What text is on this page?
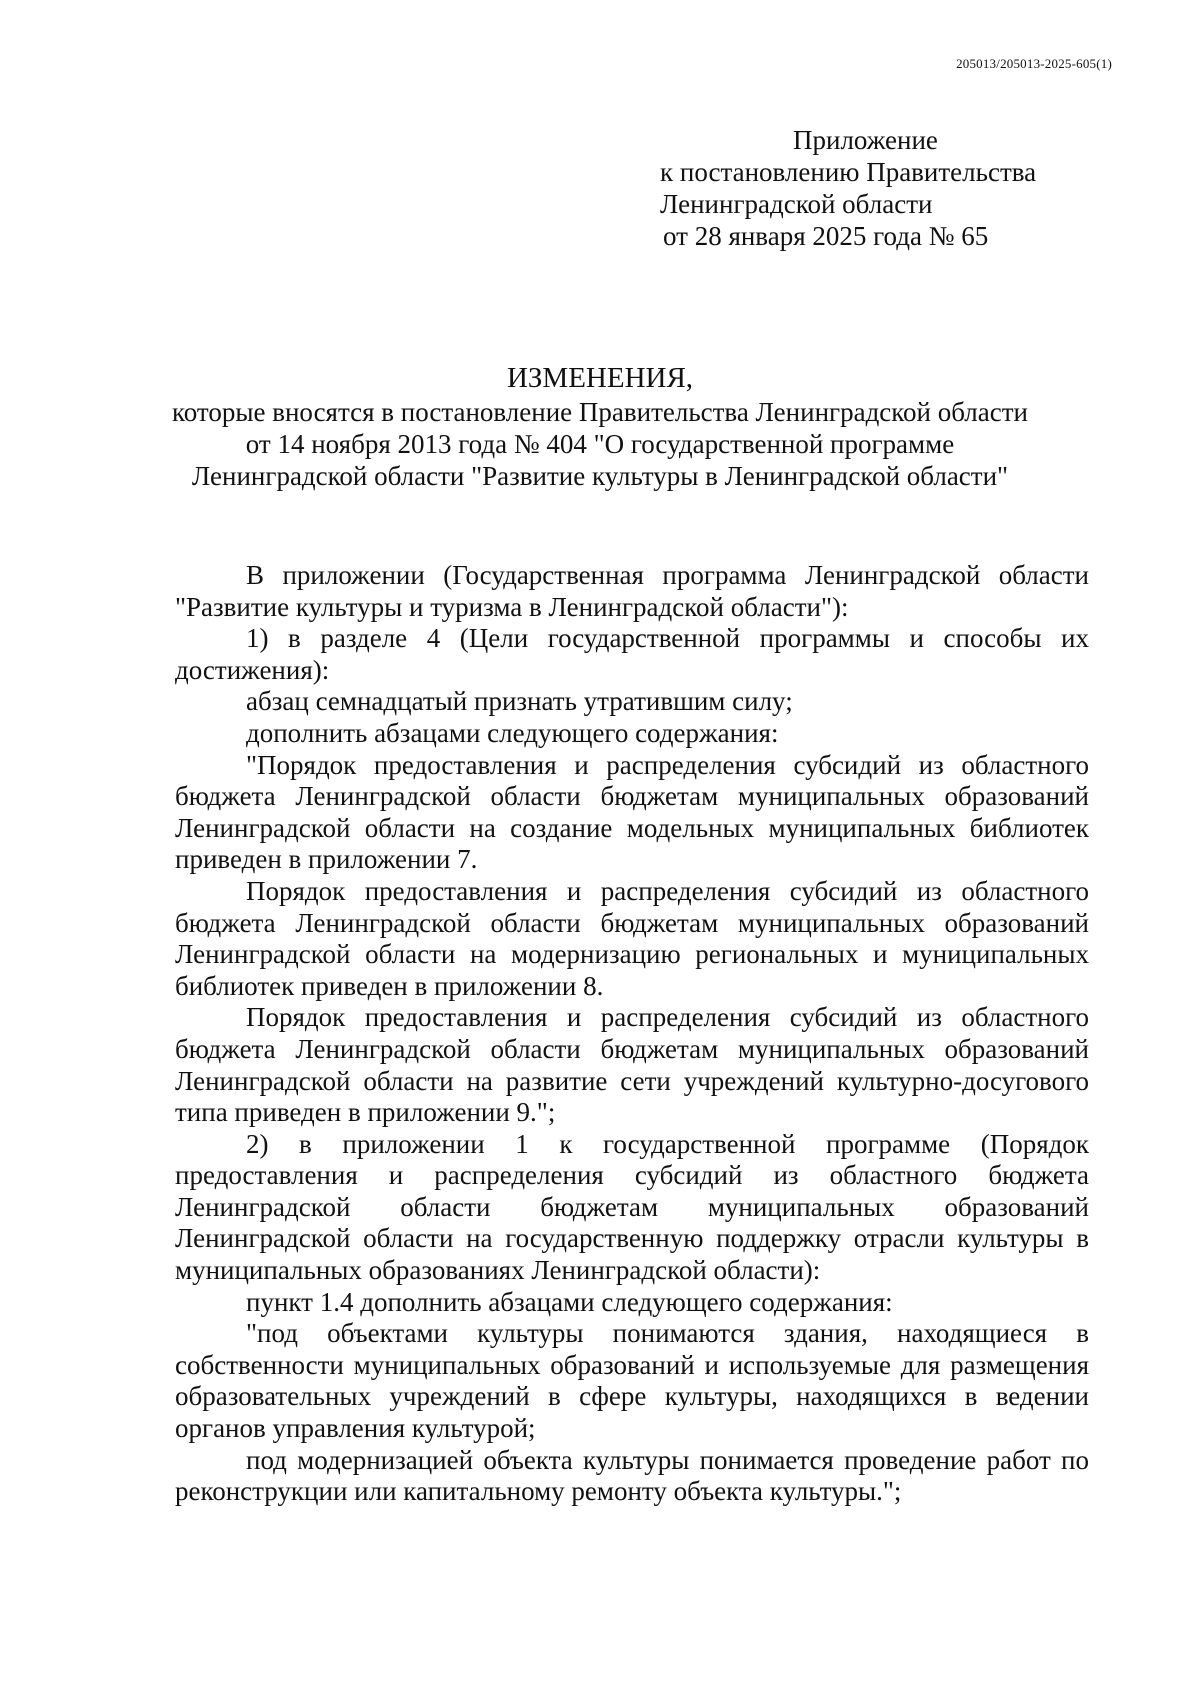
205013/205013-2025-605(1)
Приложение
к постановлению Правительства
Ленинградской области
от 28 января 2025 года № 65
ИЗМЕНЕНИЯ,
которые вносятся в постановление Правительства Ленинградской области
от 14 ноября 2013 года № 404 "О государственной программе
Ленинградской области "Развитие культуры в Ленинградской области"

В приложении (Государственная программа Ленинградской области "Развитие культуры и туризма в Ленинградской области"):

1) в разделе 4 (Цели государственной программы и способы их достижения):

абзац семнадцатый признать утратившим силу;

дополнить абзацами следующего содержания:

"Порядок предоставления и распределения субсидий из областного бюджета Ленинградской области бюджетам муниципальных образований Ленинградской области на создание модельных муниципальных библиотек приведен в приложении 7.

Порядок предоставления и распределения субсидий из областного бюджета Ленинградской области бюджетам муниципальных образований Ленинградской области на модернизацию региональных и муниципальных библиотек приведен в приложении 8.

Порядок предоставления и распределения субсидий из областного бюджета Ленинградской области бюджетам муниципальных образований Ленинградской области на развитие сети учреждений культурно-досугового типа приведен в приложении 9.";

2) в приложении 1 к государственной программе (Порядок предоставления и распределения субсидий из областного бюджета Ленинградской области бюджетам муниципальных образований Ленинградской области на государственную поддержку отрасли культуры в муниципальных образованиях Ленинградской области):

пункт 1.4 дополнить абзацами следующего содержания:

"под объектами культуры понимаются здания, находящиеся в собственности муниципальных образований и используемые для размещения образовательных учреждений в сфере культуры, находящихся в ведении органов управления культурой;

под модернизацией объекта культуры понимается проведение работ по реконструкции или капитальному ремонту объекта культуры.";
